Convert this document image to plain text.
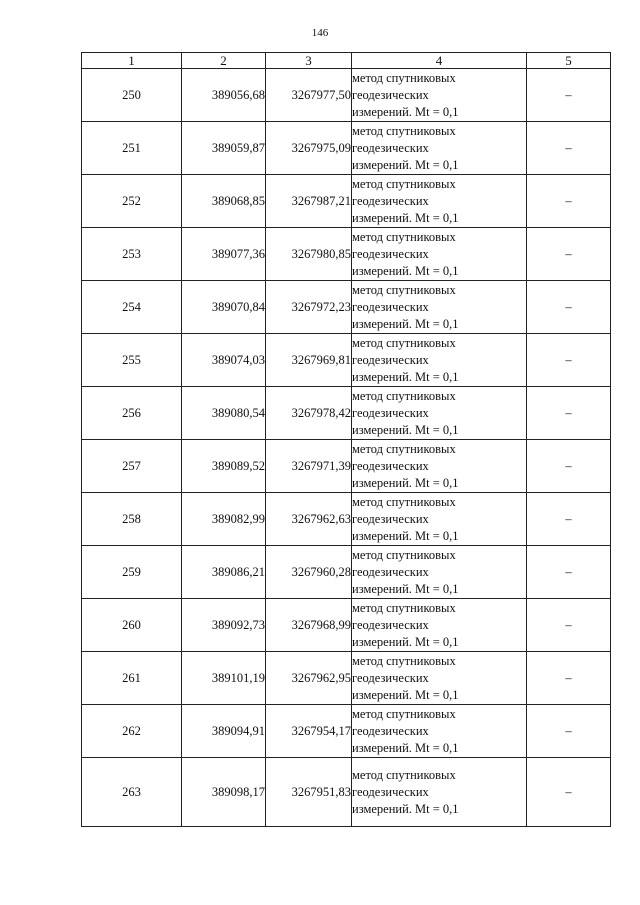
146
1	2	3	4	5
250	389056,68	3267977,50	метод спутниковых
геодезических
измерений. Mt = 0,1	–
251	389059,87	3267975,09	метод спутниковых
геодезических
измерений. Mt = 0,1	–
252	389068,85	3267987,21	метод спутниковых
геодезических
измерений. Mt = 0,1	–
253	389077,36	3267980,85	метод спутниковых
геодезических
измерений. Mt = 0,1	–
254	389070,84	3267972,23	метод спутниковых
геодезических
измерений. Mt = 0,1	–
255	389074,03	3267969,81	метод спутниковых
геодезических
измерений. Mt = 0,1	–
256	389080,54	3267978,42	метод спутниковых
геодезических
измерений. Mt = 0,1	–
257	389089,52	3267971,39	метод спутниковых
геодезических
измерений. Mt = 0,1	–
258	389082,99	3267962,63	метод спутниковых
геодезических
измерений. Mt = 0,1	–
259	389086,21	3267960,28	метод спутниковых
геодезических
измерений. Mt = 0,1	–
260	389092,73	3267968,99	метод спутниковых
геодезических
измерений. Mt = 0,1	–
261	389101,19	3267962,95	метод спутниковых
геодезических
измерений. Mt = 0,1	–
262	389094,91	3267954,17	метод спутниковых
геодезических
измерений. Mt = 0,1	–
263	389098,17	3267951,83	метод спутниковых
геодезических
измерений. Mt = 0,1	–
